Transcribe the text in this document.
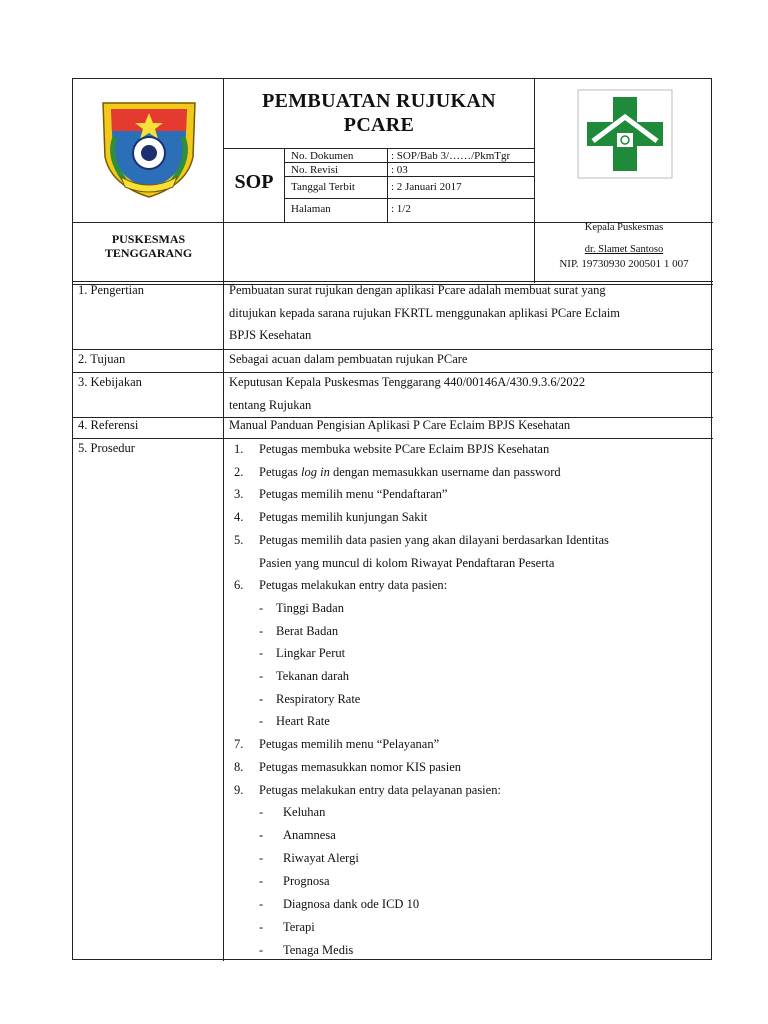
PEMBUATAN RUJUKAN
PCARE
SOP
No. Dokumen	: SOP/Bab 3/……/PkmTgr
No. Revisi	: 03
Tanggal Terbit	: 2 Januari 2017
Halaman	: 1/2
PUSKESMAS
TENGGARANG
Kepala Puskesmas
dr. Slamet Santoso
NIP. 19730930 200501 1 007
1. Pengertian	Pembuatan surat rujukan dengan aplikasi Pcare adalah membuat surat yang
ditujukan kepada sarana rujukan FKRTL menggunakan aplikasi PCare Eclaim
BPJS Kesehatan
2. Tujuan	Sebagai acuan dalam pembuatan rujukan PCare
3. Kebijakan	Keputusan Kepala Puskesmas Tenggarang 440/00146A/430.9.3.6/2022
tentang Rujukan
4. Referensi	Manual Panduan Pengisian Aplikasi P Care Eclaim BPJS Kesehatan
5. Prosedur	1. Petugas membuka website PCare Eclaim BPJS Kesehatan
2. Petugas log in dengan memasukkan username dan password
3. Petugas memilih menu “Pendaftaran”
4. Petugas memilih kunjungan Sakit
5. Petugas memilih data pasien yang akan dilayani berdasarkan Identitas
Pasien yang muncul di kolom Riwayat Pendaftaran Peserta
6. Petugas melakukan entry data pasien:
- Tinggi Badan
- Berat Badan
- Lingkar Perut
- Tekanan darah
- Respiratory Rate
- Heart Rate
7. Petugas memilih menu “Pelayanan”
8. Petugas memasukkan nomor KIS pasien
9. Petugas melakukan entry data pelayanan pasien:
- Keluhan
- Anamnesa
- Riwayat Alergi
- Prognosa
- Diagnosa dank ode ICD 10
- Terapi
- Tenaga Medis
